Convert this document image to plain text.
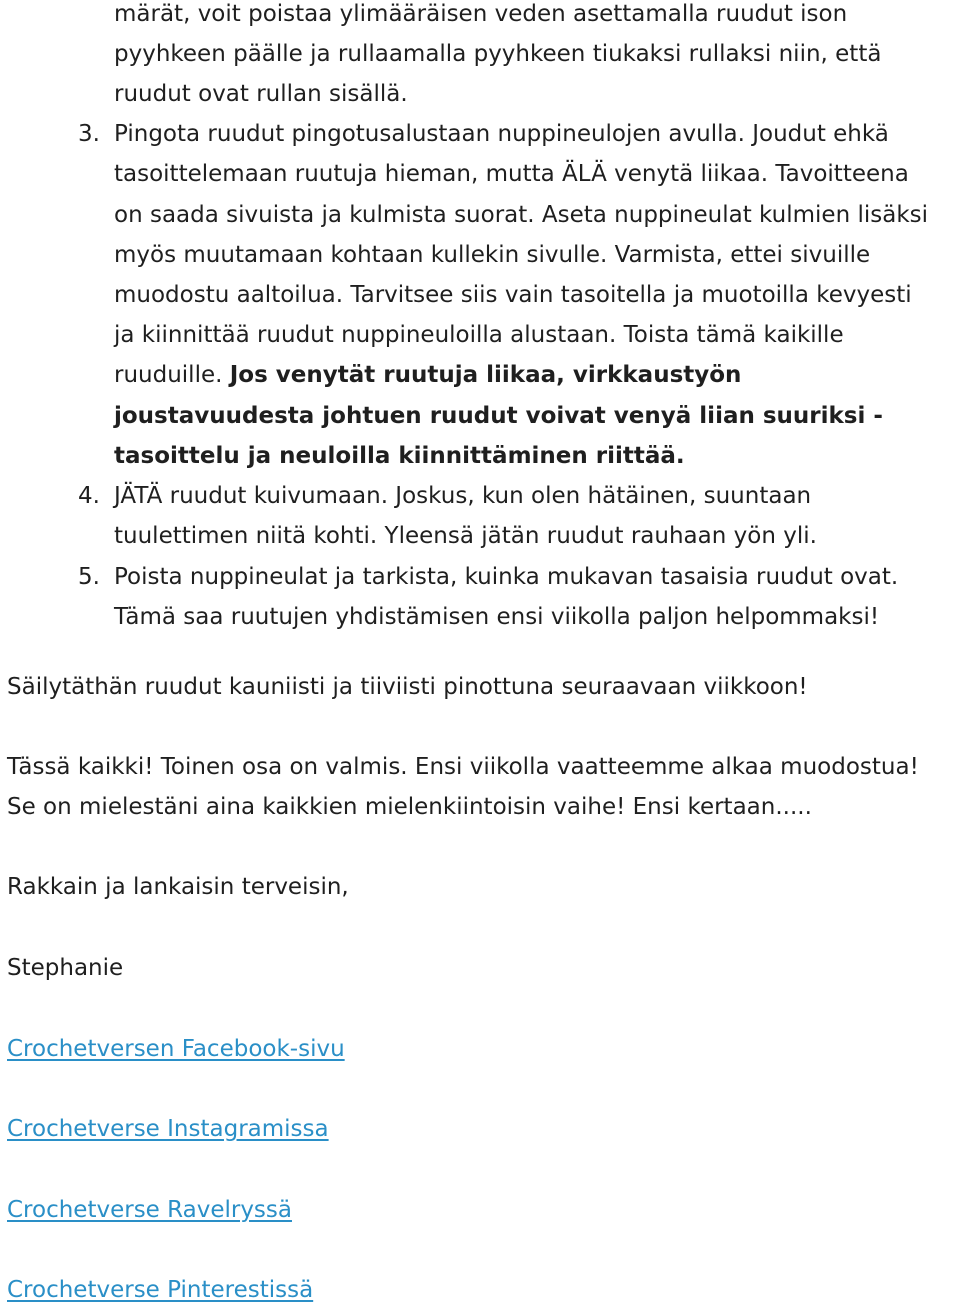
märät, voit poistaa ylimääräisen veden asettamalla ruudut ison
pyyhkeen päälle ja rullaamalla pyyhkeen tiukaksi rullaksi niin, että
ruudut ovat rullan sisällä.
3. Pingota ruudut pingotusalustaan nuppineulojen avulla. Joudut ehkä
tasoittelemaan ruutuja hieman, mutta ÄLÄ venytä liikaa. Tavoitteena
on saada sivuista ja kulmista suorat. Aseta nuppineulat kulmien lisäksi
myös muutamaan kohtaan kullekin sivulle. Varmista, ettei sivuille
muodostu aaltoilua. Tarvitsee siis vain tasoitella ja muotoilla kevyesti
ja kiinnittää ruudut nuppineuloilla alustaan. Toista tämä kaikille
ruuduille. Jos venytät ruutuja liikaa, virkkaustyön
joustavuudesta johtuen ruudut voivat venyä liian suuriksi -
tasoittelu ja neuloilla kiinnittäminen riittää.
4. JÄTÄ ruudut kuivumaan. Joskus, kun olen hätäinen, suuntaan
tuulettimen niitä kohti. Yleensä jätän ruudut rauhaan yön yli.
5. Poista nuppineulat ja tarkista, kuinka mukavan tasaisia ruudut ovat.
Tämä saa ruutujen yhdistämisen ensi viikolla paljon helpommaksi!
Säilytäthän ruudut kauniisti ja tiiviisti pinottuna seuraavaan viikkoon!
Tässä kaikki! Toinen osa on valmis. Ensi viikolla vaatteemme alkaa muodostua!
Se on mielestäni aina kaikkien mielenkiintoisin vaihe! Ensi kertaan.....
Rakkain ja lankaisin terveisin,
Stephanie
Crochetversen Facebook-sivu
Crochetverse Instagramissa
Crochetverse Ravelryssä
Crochetverse Pinterestissä
